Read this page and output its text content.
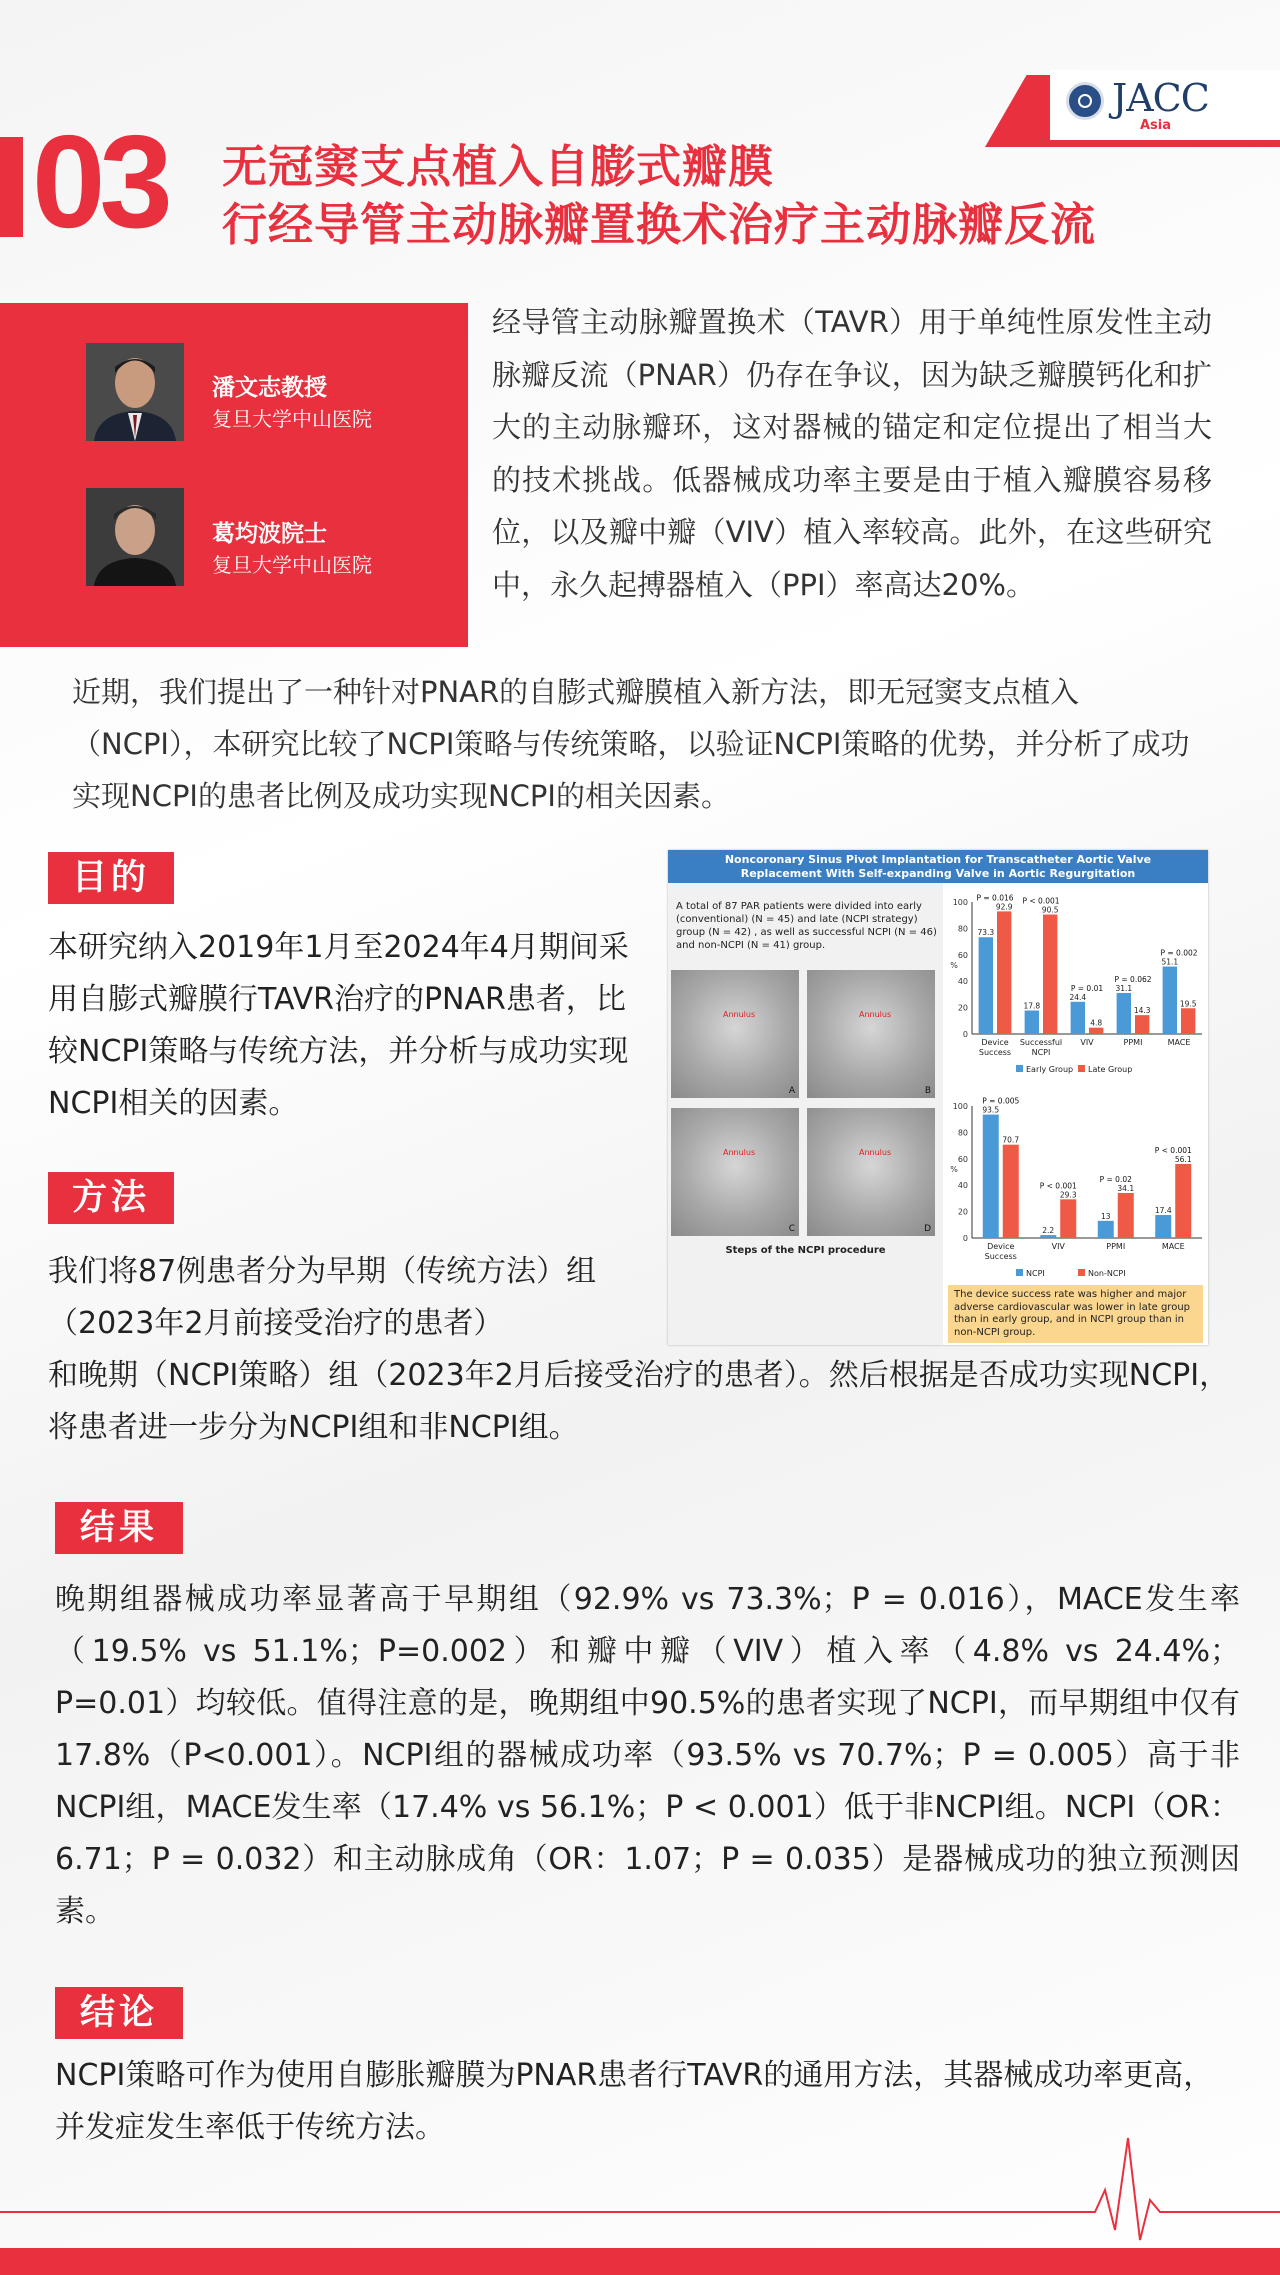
JACC
Asia
03 无冠窦支点植入自膨式瓣膜
行经导管主动脉瓣置换术治疗主动脉瓣反流
潘文志教授
复旦大学中山医院
葛均波院士
复旦大学中山医院
经导管主动脉瓣置换术（TAVR）用于单纯性原发性主动脉瓣反流（PNAR）仍存在争议，因为缺乏瓣膜钙化和扩大的主动脉瓣环，这对器械的锚定和定位提出了相当大的技术挑战。低器械成功率主要是由于植入瓣膜容易移位，以及瓣中瓣（VIV）植入率较高。此外，在这些研究中，永久起搏器植入（PPI）率高达20%。
近期，我们提出了一种针对PNAR的自膨式瓣膜植入新方法，即无冠窦支点植入（NCPI），本研究比较了NCPI策略与传统策略，以验证NCPI策略的优势，并分析了成功实现NCPI的患者比例及成功实现NCPI的相关因素。
目的
本研究纳入2019年1月至2024年4月期间采用自膨式瓣膜行TAVR治疗的PNAR患者，比较NCPI策略与传统方法，并分析与成功实现NCPI相关的因素。
方法
我们将87例患者分为早期（传统方法）组（2023年2月前接受治疗的患者）
和晚期（NCPI策略）组（2023年2月后接受治疗的患者）。然后根据是否成功实现NCPI，将患者进一步分为NCPI组和非NCPI组。
Noncoronary Sinus Pivot Implantation for Transcatheter Aortic Valve
Replacement With Self-expanding Valve in Aortic Regurgitation
A total of 87 PAR patients were divided into early (conventional) (N = 45) and late (NCPI strategy) group (N = 42) , as well as successful NCPI (N = 46) and non-NCPI (N = 41) group.
Annulus
A
Annulus
B
Annulus
C
Annulus
D
Steps of the NCPI procedure
0
20
40
60
80
100
%
73.3
92.9
P = 0.016
Device
Success
17.8
90.5
P < 0.001
Successful
NCPI
24.4
4.8
P = 0.01
VIV
31.1
14.3
P = 0.062
PPMI
51.1
19.5
P = 0.002
MACE
Early Group Late Group
0
20
40
60
80
100
%
93.5
70.7
P = 0.005
Device
Success
2.2
29.3
P < 0.001
VIV
13
34.1
P = 0.02
PPMI
17.4
56.1
P < 0.001
MACE
NCPI	Non-NCPI
The device success rate was higher and major adverse cardiovascular was lower in late group than in early group, and in NCPI group than in non-NCPI group.
结果
晚期组器械成功率显著高于早期组（92.9% vs 73.3%；P = 0.016），MACE发生率（19.5% vs 51.1%；P=0.002）和瓣中瓣（VIV）植入率（4.8% vs 24.4%；P=0.01）均较低。值得注意的是，晚期组中90.5%的患者实现了NCPI，而早期组中仅有17.8%（P<0.001）。NCPI组的器械成功率（93.5% vs 70.7%；P = 0.005）高于非NCPI组，MACE发生率（17.4% vs 56.1%；P < 0.001）低于非NCPI组。NCPI（OR：6.71；P = 0.032）和主动脉成角（OR：1.07；P = 0.035）是器械成功的独立预测因素。
结论
NCPI策略可作为使用自膨胀瓣膜为PNAR患者行TAVR的通用方法，其器械成功率更高，并发症发生率低于传统方法。
